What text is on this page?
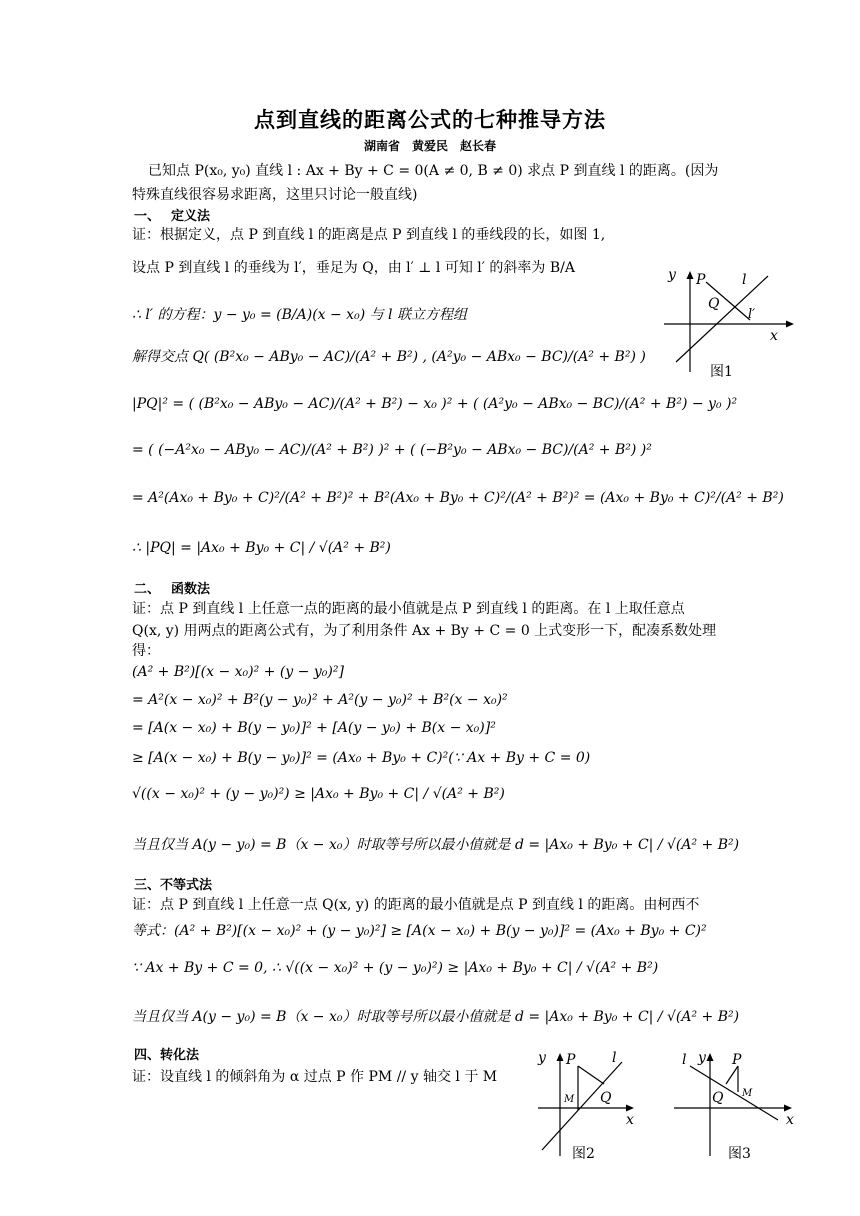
点到直线的距离公式的七种推导方法
湖南省　黄爱民　赵长春
已知点 P(x₀, y₀) 直线 l : Ax + By + C = 0(A ≠ 0, B ≠ 0) 求点 P 到直线 l 的距离。(因为
特殊直线很容易求距离，这里只讨论一般直线)
一、　 定义法
证：根据定义，点 P 到直线 l 的距离是点 P 到直线 l 的垂线段的长，如图 1,
设点 P 到直线 l 的垂线为 l′，垂足为 Q，由 l′ ⊥ l 可知 l′ 的斜率为 B/A
∴ l′ 的方程：y − y₀ = (B/A)(x − x₀) 与 l 联立方程组
解得交点 Q( (B²x₀ − ABy₀ − AC)/(A² + B²) , (A²y₀ − ABx₀ − BC)/(A² + B²) )
|PQ|² = ( (B²x₀ − ABy₀ − AC)/(A² + B²) − x₀ )² + ( (A²y₀ − ABx₀ − BC)/(A² + B²) − y₀ )²
= ( (−A²x₀ − ABy₀ − AC)/(A² + B²) )² + ( (−B²y₀ − ABx₀ − BC)/(A² + B²) )²
= A²(Ax₀ + By₀ + C)²/(A² + B²)² + B²(Ax₀ + By₀ + C)²/(A² + B²)² = (Ax₀ + By₀ + C)²/(A² + B²)
∴ |PQ| = |Ax₀ + By₀ + C| / √(A² + B²)
y
x
P
Q
l
l′
图1
二、　 函数法
证：点 P 到直线 l 上任意一点的距离的最小值就是点 P 到直线 l 的距离。在 l 上取任意点
Q(x, y) 用两点的距离公式有，为了利用条件 Ax + By + C = 0 上式变形一下，配凑系数处理
得：
(A² + B²)[(x − x₀)² + (y − y₀)²]
= A²(x − x₀)² + B²(y − y₀)² + A²(y − y₀)² + B²(x − x₀)²
= [A(x − x₀) + B(y − y₀)]² + [A(y − y₀) + B(x − x₀)]²
≥ [A(x − x₀) + B(y − y₀)]² = (Ax₀ + By₀ + C)²(∵ Ax + By + C = 0)
√((x − x₀)² + (y − y₀)²) ≥ |Ax₀ + By₀ + C| / √(A² + B²)
当且仅当 A(y − y₀) = B（x − x₀）时取等号所以最小值就是 d = |Ax₀ + By₀ + C| / √(A² + B²)
三、不等式法
证：点 P 到直线 l 上任意一点 Q(x, y) 的距离的最小值就是点 P 到直线 l 的距离。由柯西不
等式：(A² + B²)[(x − x₀)² + (y − y₀)²] ≥ [A(x − x₀) + B(y − y₀)]² = (Ax₀ + By₀ + C)²
∵ Ax + By + C = 0, ∴ √((x − x₀)² + (y − y₀)²) ≥ |Ax₀ + By₀ + C| / √(A² + B²)
当且仅当 A(y − y₀) = B（x − x₀）时取等号所以最小值就是 d = |Ax₀ + By₀ + C| / √(A² + B²)
四、转化法
证：设直线 l 的倾斜角为 α 过点 P 作 PM // y 轴交 l 于 M
y
x
P
Q
l
M
图2
l y P
Q M
x
图3
